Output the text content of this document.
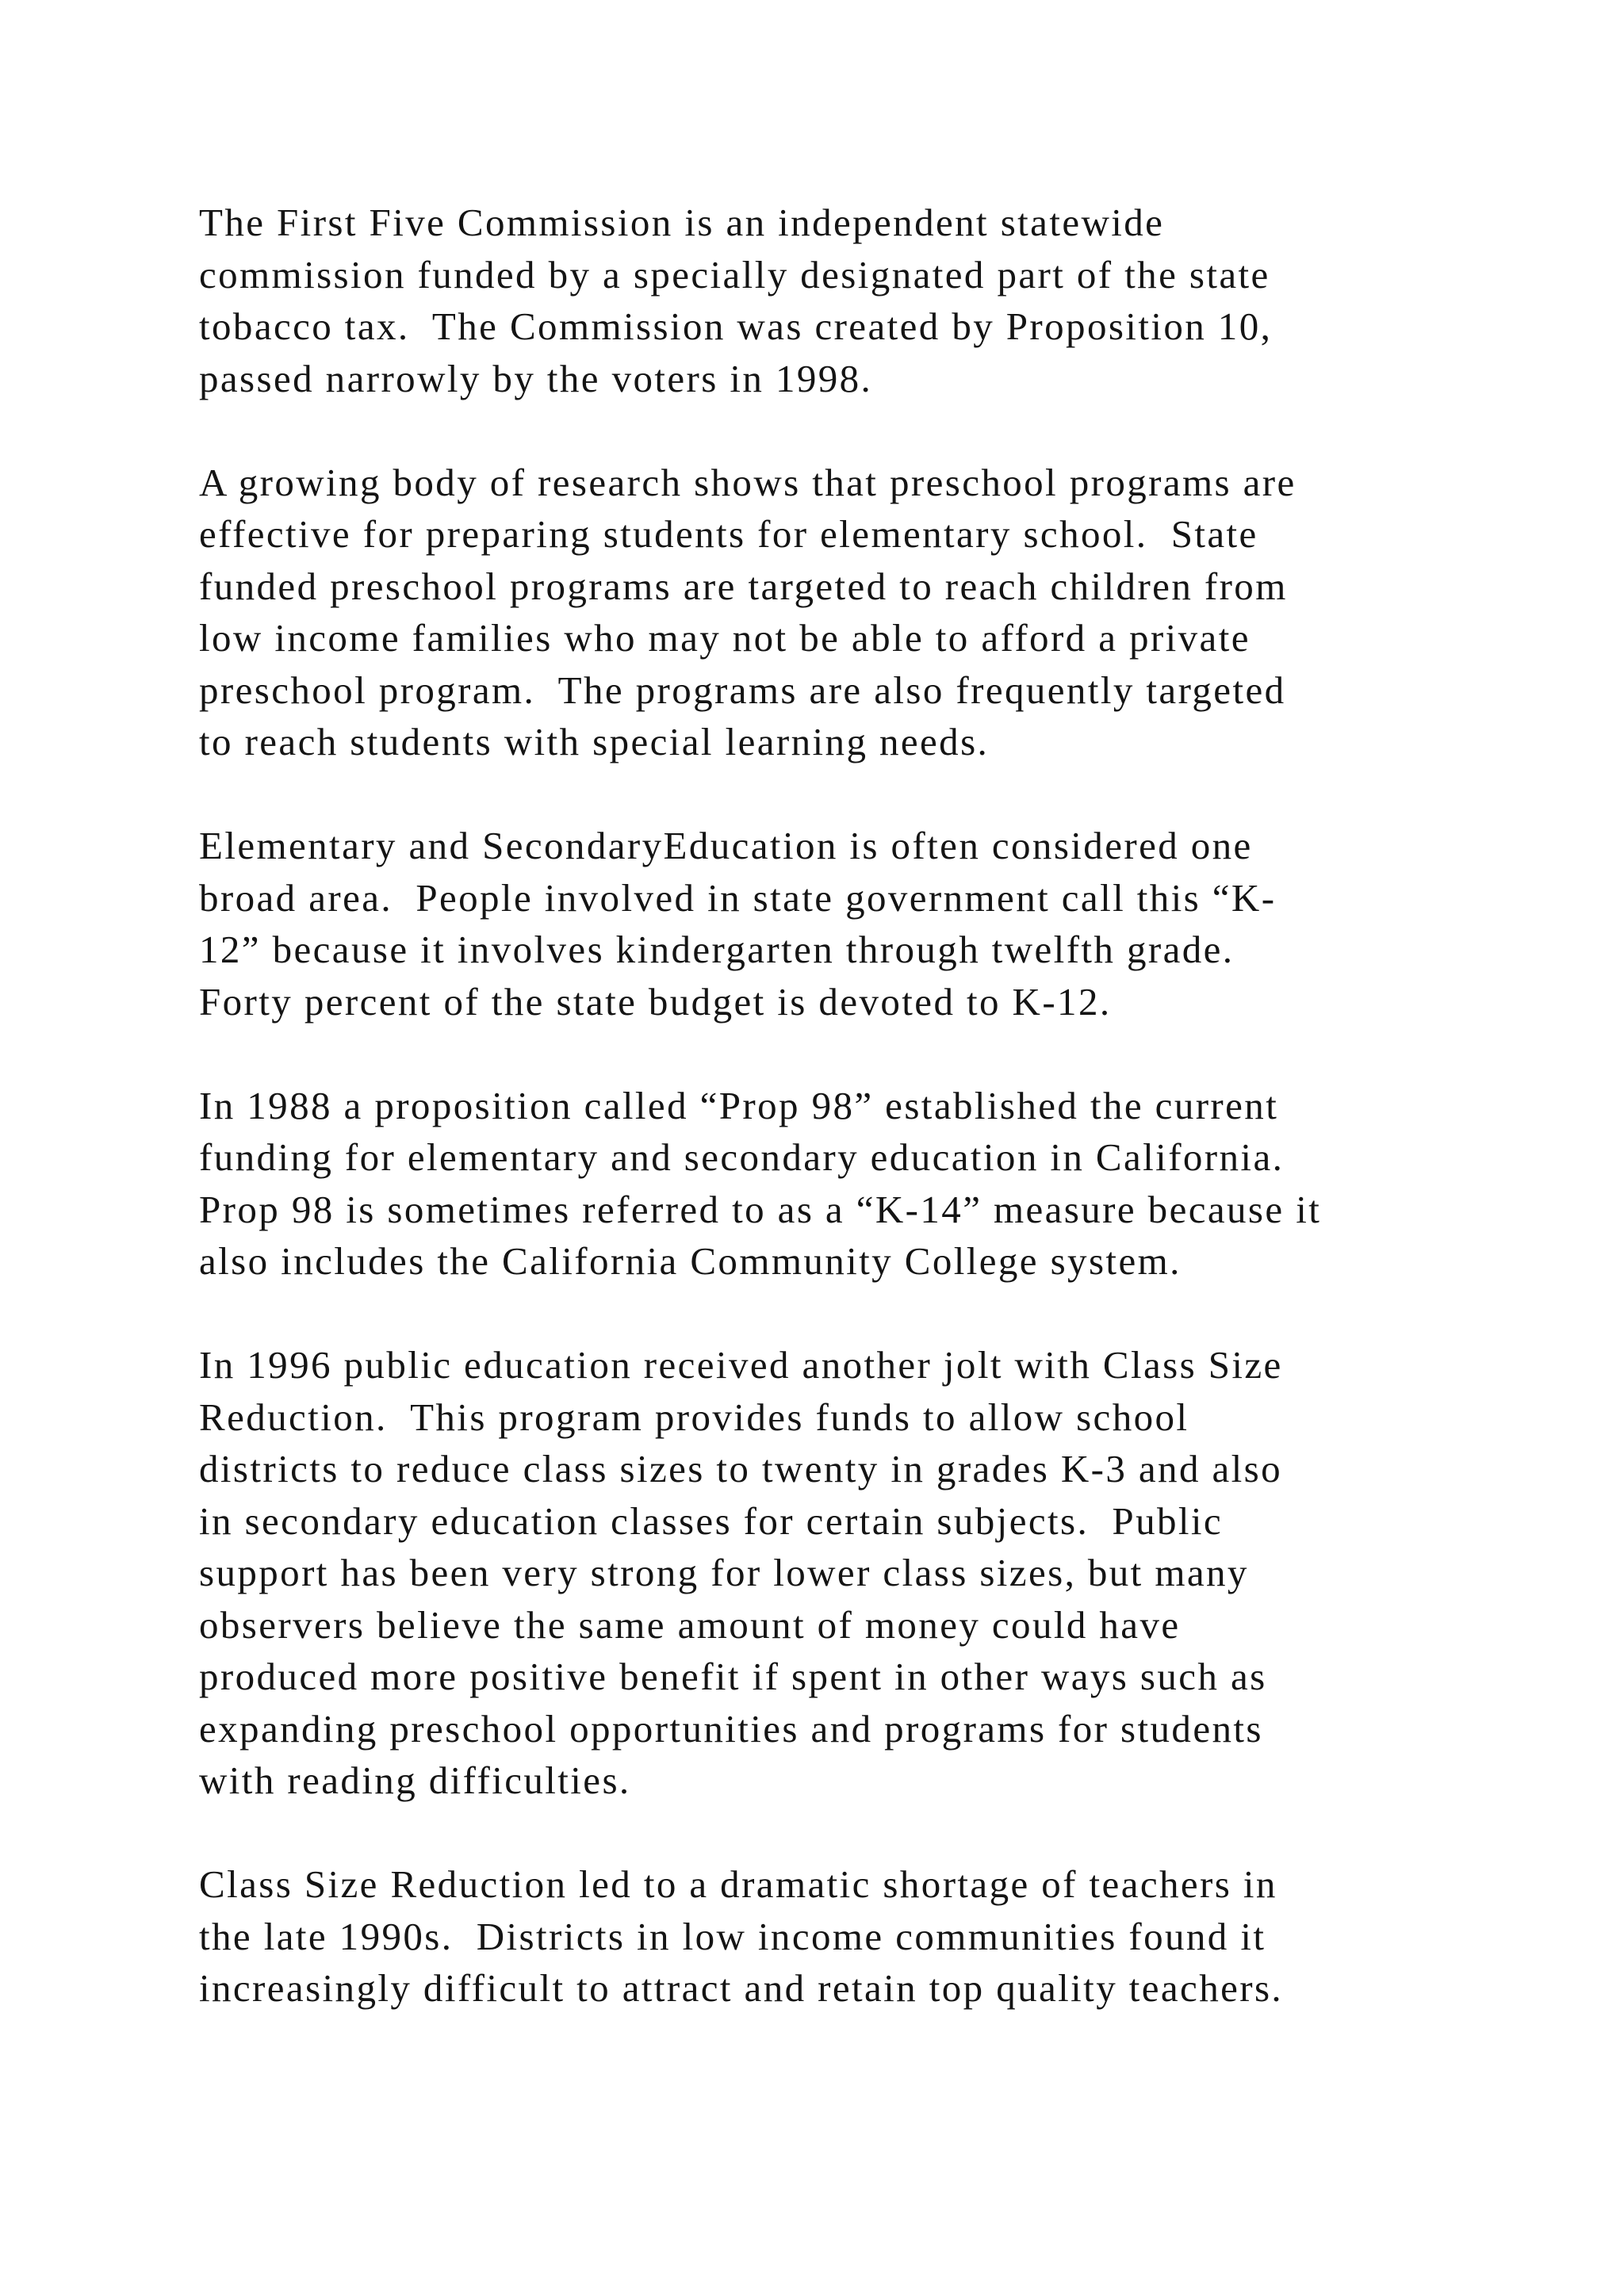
The First Five Commission is an independent statewide
commission funded by a specially designated part of the state
tobacco tax.  The Commission was created by Proposition 10,
passed narrowly by the voters in 1998.

A growing body of research shows that preschool programs are
effective for preparing students for elementary school.  State
funded preschool programs are targeted to reach children from
low income families who may not be able to afford a private
preschool program.  The programs are also frequently targeted
to reach students with special learning needs.

Elementary and SecondaryEducation is often considered one
broad area.  People involved in state government call this “K-
12” because it involves kindergarten through twelfth grade.
Forty percent of the state budget is devoted to K-12.

In 1988 a proposition called “Prop 98” established the current
funding for elementary and secondary education in California.
Prop 98 is sometimes referred to as a “K-14” measure because it
also includes the California Community College system.

In 1996 public education received another jolt with Class Size
Reduction.  This program provides funds to allow school
districts to reduce class sizes to twenty in grades K-3 and also
in secondary education classes for certain subjects.  Public
support has been very strong for lower class sizes, but many
observers believe the same amount of money could have
produced more positive benefit if spent in other ways such as
expanding preschool opportunities and programs for students
with reading difficulties.

Class Size Reduction led to a dramatic shortage of teachers in
the late 1990s.  Districts in low income communities found it
increasingly difficult to attract and retain top quality teachers.
